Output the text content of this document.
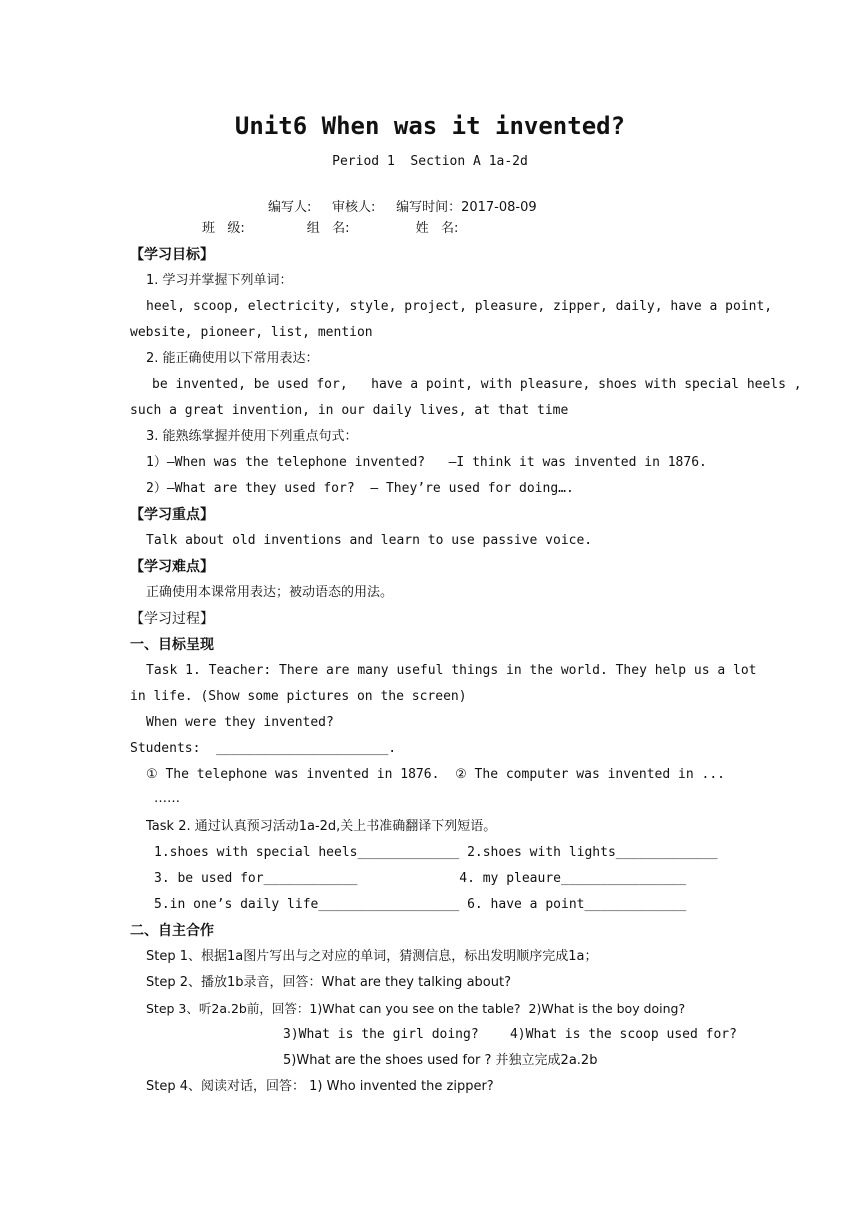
Unit6 When was it invented?
Period 1  Section A 1a-2d
编写人:     审核人:     编写时间：2017-08-09
班   级:               组   名:                姓   名:
【学习目标】
1. 学习并掌握下列单词：
heel, scoop, electricity, style, project, pleasure, zipper, daily, have a point,
website, pioneer, list, mention
2. 能正确使用以下常用表达：
be invented, be used for,   have a point, with pleasure, shoes with special heels ,
such a great invention, in our daily lives, at that time
3. 能熟练掌握并使用下列重点句式：
1）—When was the telephone invented?   —I think it was invented in 1876.
2）—What are they used for?  — They’re used for doing….
【学习重点】
Talk about old inventions and learn to use passive voice.
【学习难点】
正确使用本课常用表达；被动语态的用法。
【学习过程】
一、目标呈现
Task 1. Teacher: There are many useful things in the world. They help us a lot
in life. (Show some pictures on the screen)
When were they invented?
Students:  ______________________.
① The telephone was invented in 1876.  ② The computer was invented in ...
……
Task 2. 通过认真预习活动1a-2d,关上书准确翻译下列短语。
1.shoes with special heels_____________ 2.shoes with lights_____________
3. be used for____________             4. my pleaure________________
5.in one’s daily life__________________ 6. have a point_____________
二、自主合作
Step 1、根据1a图片写出与之对应的单词，猜测信息，标出发明顺序完成1a；
Step 2、播放1b录音，回答：What are they talking about?
Step 3、听2a.2b前，回答：1)What can you see on the table?  2)What is the boy doing?
3)What is the girl doing?    4)What is the scoop used for?
5)What are the shoes used for ? 并独立完成2a.2b
Step 4、阅读对话，回答： 1) Who invented the zipper?
